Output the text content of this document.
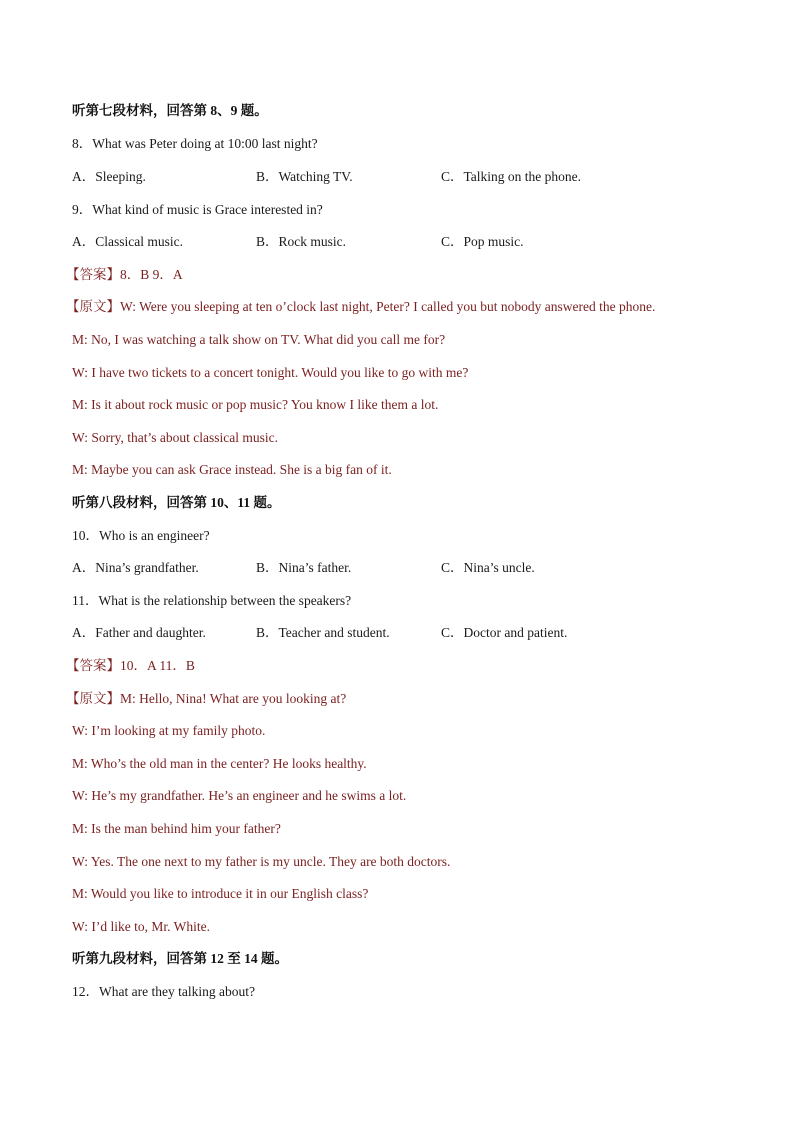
听第七段材料，回答第 8、9 题。
8．What was Peter doing at 10:00 last night?
A．Sleeping.	B．Watching TV.	C．Talking on the phone.
9．What kind of music is Grace interested in?
A．Classical music.	B．Rock music.	C．Pop music.
【答案】8．B 9．A
【原文】W: Were you sleeping at ten o’clock last night, Peter? I called you but nobody answered the phone.
M: No, I was watching a talk show on TV. What did you call me for?
W: I have two tickets to a concert tonight. Would you like to go with me?
M: Is it about rock music or pop music? You know I like them a lot.
W: Sorry, that’s about classical music.
M: Maybe you can ask Grace instead. She is a big fan of it.
听第八段材料，回答第 10、11 题。
10．Who is an engineer?
A．Nina’s grandfather.	B．Nina’s father.	C．Nina’s uncle.
11．What is the relationship between the speakers?
A．Father and daughter.	B．Teacher and student.	C．Doctor and patient.
【答案】10．A 11．B
【原文】M: Hello, Nina! What are you looking at?
W: I’m looking at my family photo.
M: Who’s the old man in the center? He looks healthy.
W: He’s my grandfather. He’s an engineer and he swims a lot.
M: Is the man behind him your father?
W: Yes. The one next to my father is my uncle. They are both doctors.
M: Would you like to introduce it in our English class?
W: I’d like to, Mr. White.
听第九段材料，回答第 12 至 14 题。
12．What are they talking about?
